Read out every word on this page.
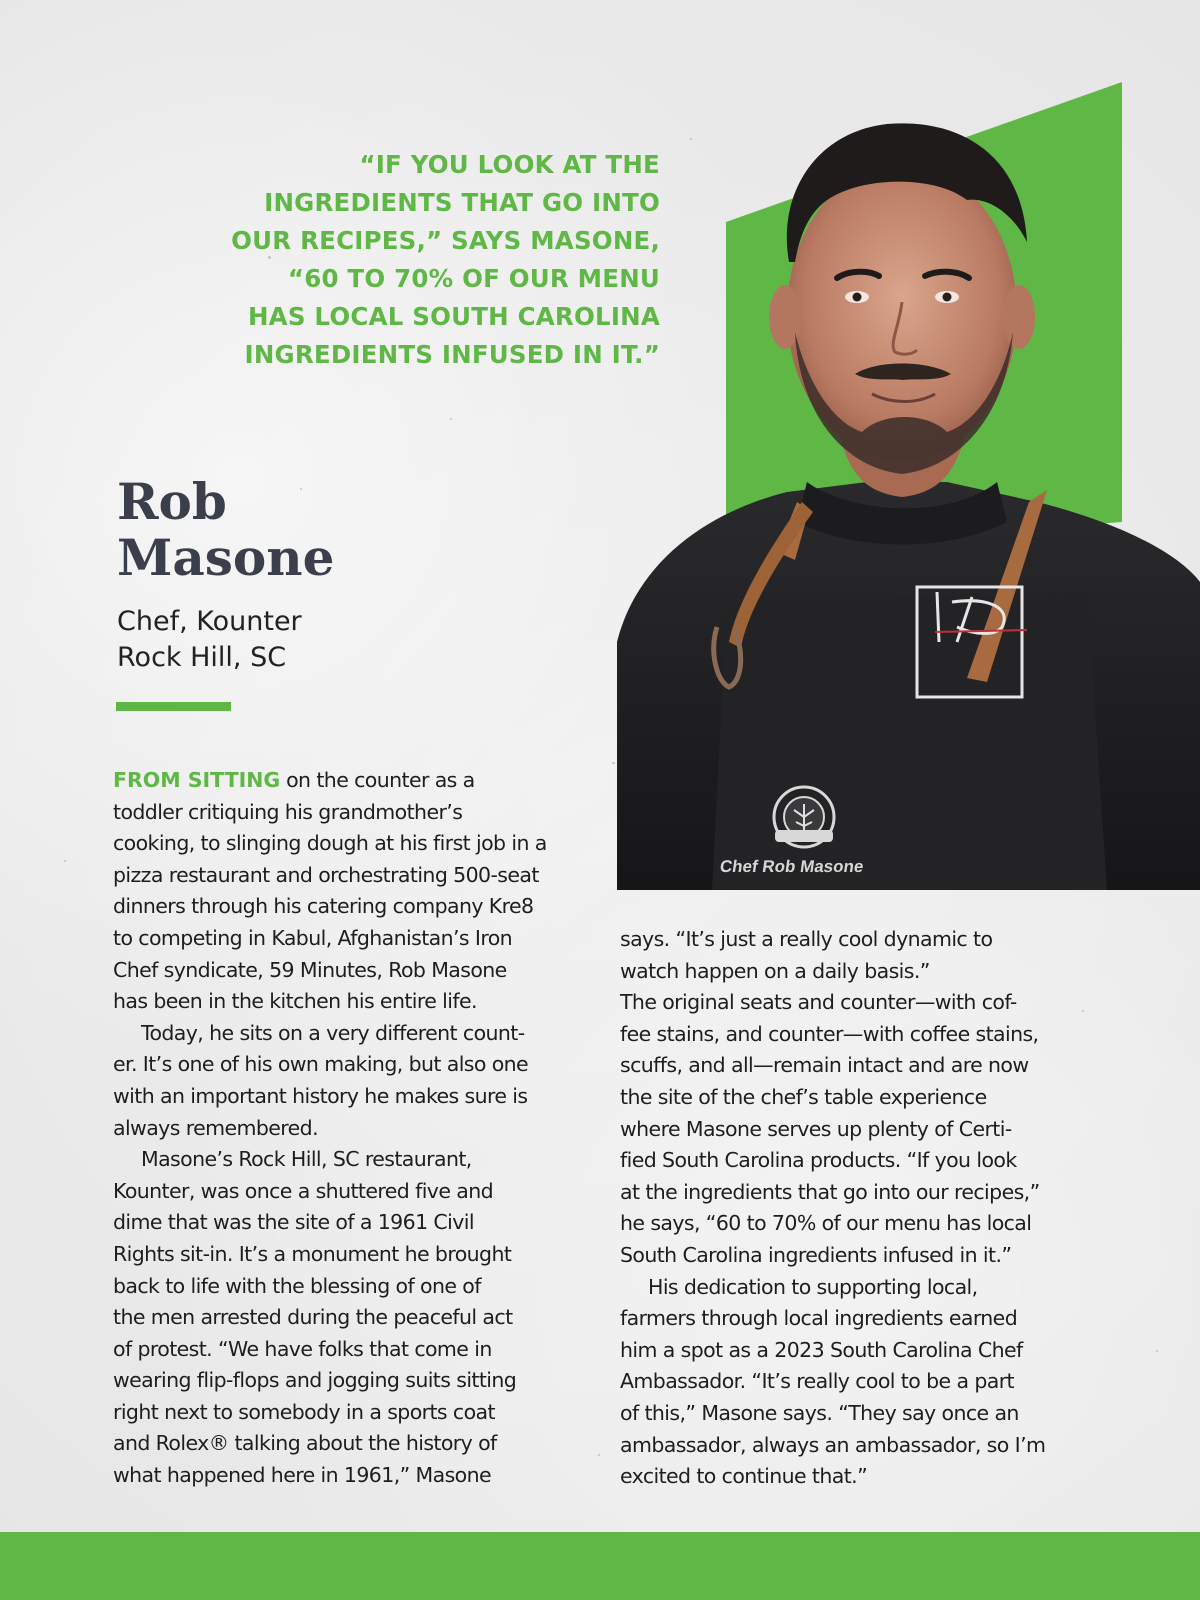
“IF YOU LOOK AT THE
INGREDIENTS THAT GO INTO
OUR RECIPES,” SAYS MASONE,
“60 TO 70% OF OUR MENU
HAS LOCAL SOUTH CAROLINA
INGREDIENTS INFUSED IN IT.”
Chef Rob Masone
Rob
Masone
Chef, Kounter
Rock Hill, SC
FROM SITTING on the counter as a
toddler critiquing his grandmother’s
cooking, to slinging dough at his first job in a
pizza restaurant and orchestrating 500-seat
dinners through his catering company Kre8
to competing in Kabul, Afghanistan’s Iron
Chef syndicate, 59 Minutes, Rob Masone
has been in the kitchen his entire life.
Today, he sits on a very different count-
er. It’s one of his own making, but also one
with an important history he makes sure is
always remembered.
Masone’s Rock Hill, SC restaurant,
Kounter, was once a shuttered five and
dime that was the site of a 1961 Civil
Rights sit-in. It’s a monument he brought
back to life with the blessing of one of
the men arrested during the peaceful act
of protest. “We have folks that come in
wearing flip-flops and jogging suits sitting
right next to somebody in a sports coat
and Rolex® talking about the history of
what happened here in 1961,” Masone
says. “It’s just a really cool dynamic to
watch happen on a daily basis.”
The original seats and counter—with cof-
fee stains, and counter—with coffee stains,
scuffs, and all—remain intact and are now
the site of the chef’s table experience
where Masone serves up plenty of Certi-
fied South Carolina products. “If you look
at the ingredients that go into our recipes,”
he says, “60 to 70% of our menu has local
South Carolina ingredients infused in it.”
His dedication to supporting local,
farmers through local ingredients earned
him a spot as a 2023 South Carolina Chef
Ambassador. “It’s really cool to be a part
of this,” Masone says. “They say once an
ambassador, always an ambassador, so I’m
excited to continue that.”
